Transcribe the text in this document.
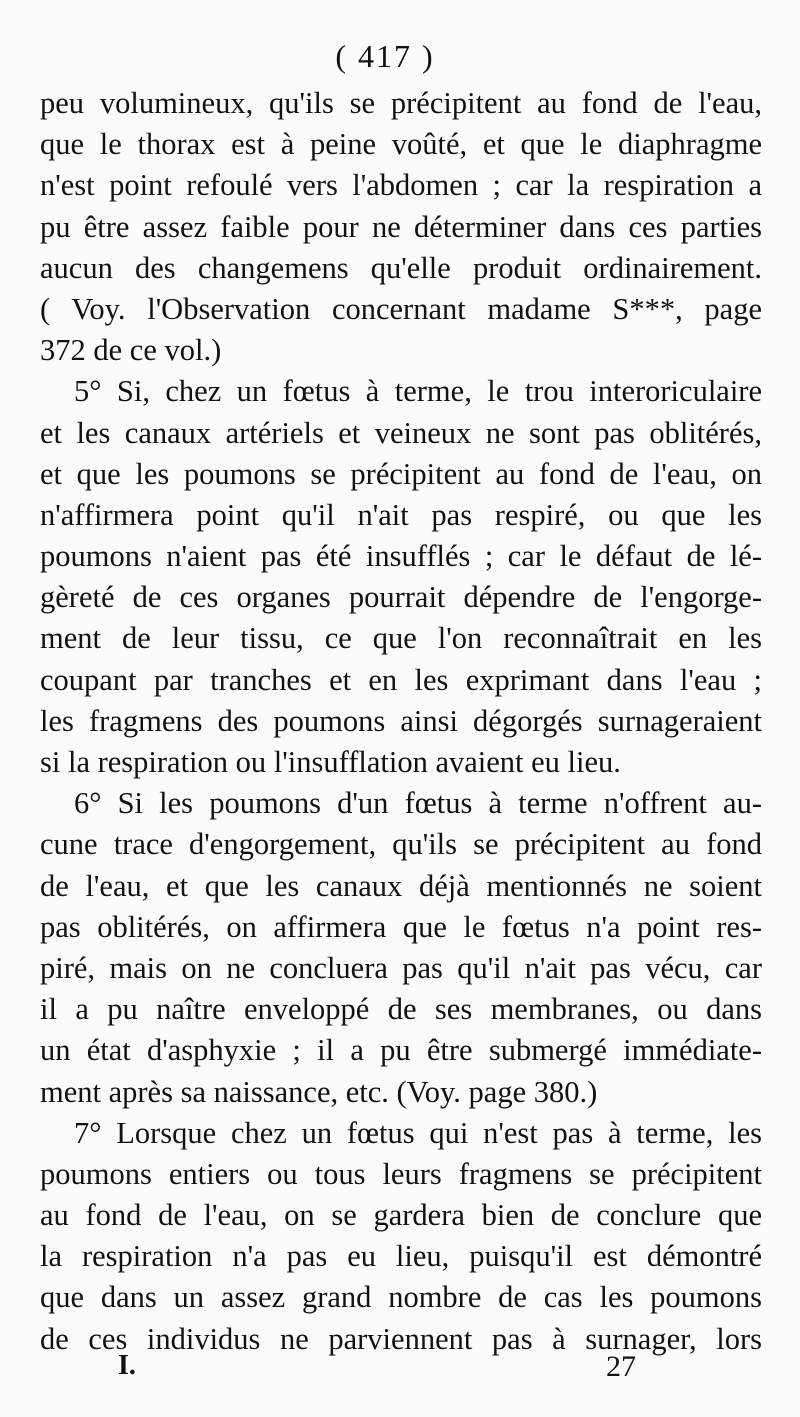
( 417 )
peu volumineux, qu'ils se précipitent au fond de l'eau,
que le thorax est à peine voûté, et que le diaphragme
n'est point refoulé vers l'abdomen ; car la respiration a
pu être assez faible pour ne déterminer dans ces parties
aucun des changemens qu'elle produit ordinairement.
( Voy. l'Observation concernant madame S***, page
372 de ce vol.)
5° Si, chez un fœtus à terme, le trou interoriculaire
et les canaux artériels et veineux ne sont pas oblitérés,
et que les poumons se précipitent au fond de l'eau, on
n'affirmera point qu'il n'ait pas respiré, ou que les
poumons n'aient pas été insufflés ; car le défaut de lé-
gèreté de ces organes pourrait dépendre de l'engorge-
ment de leur tissu, ce que l'on reconnaîtrait en les
coupant par tranches et en les exprimant dans l'eau ;
les fragmens des poumons ainsi dégorgés surnageraient
si la respiration ou l'insufflation avaient eu lieu.
6° Si les poumons d'un fœtus à terme n'offrent au-
cune trace d'engorgement, qu'ils se précipitent au fond
de l'eau, et que les canaux déjà mentionnés ne soient
pas oblitérés, on affirmera que le fœtus n'a point res-
piré, mais on ne concluera pas qu'il n'ait pas vécu, car
il a pu naître enveloppé de ses membranes, ou dans
un état d'asphyxie ; il a pu être submergé immédiate-
ment après sa naissance, etc. (Voy. page 380.)
7° Lorsque chez un fœtus qui n'est pas à terme, les
poumons entiers ou tous leurs fragmens se précipitent
au fond de l'eau, on se gardera bien de conclure que
la respiration n'a pas eu lieu, puisqu'il est démontré
que dans un assez grand nombre de cas les poumons
de ces individus ne parviennent pas à surnager, lors
I.	27
